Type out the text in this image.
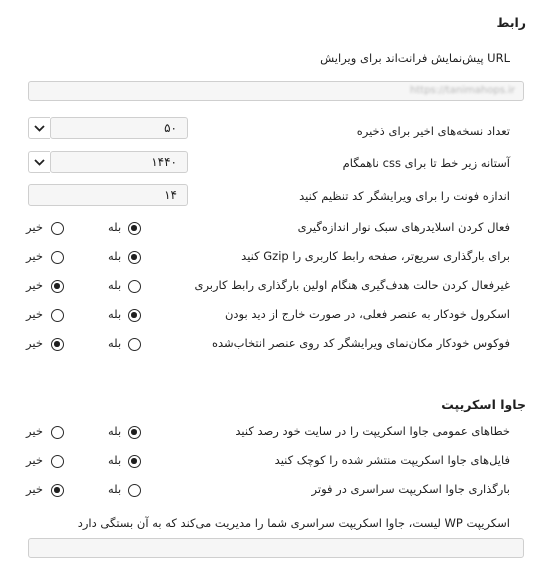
رابط
URL پیش‌نمایش فرانت‌اند برای ویرایش
https://tanimahops.ir
تعداد نسخه‌های اخیر برای ذخیره
۵۰
آستانه زیر خط تا برای css ناهمگام
۱۴۴۰
اندازه فونت را برای ویرایشگر کد تنظیم کنید
۱۴
فعال کردن اسلایدرهای سبک نوار اندازه‌گیری
بله
خیر
برای بارگذاری سریع‌تر، صفحه رابط کاربری را Gzip کنید
بله
خیر
غیرفعال کردن حالت هدف‌گیری هنگام اولین بارگذاری رابط کاربری
بله
خیر
اسکرول خودکار به عنصر فعلی، در صورت خارج از دید بودن
بله
خیر
فوکوس خودکار مکان‌نمای ویرایشگر کد روی عنصر انتخاب‌شده
بله
خیر
جاوا اسکریپت
خطاهای عمومی جاوا اسکریپت را در سایت خود رصد کنید
بله
خیر
فایل‌های جاوا اسکریپت منتشر شده را کوچک کنید
بله
خیر
بارگذاری جاوا اسکریپت سراسری در فوتر
بله
خیر
اسکریپت WP لیست، جاوا اسکریپت سراسری شما را مدیریت می‌کند که به آن بستگی دارد
